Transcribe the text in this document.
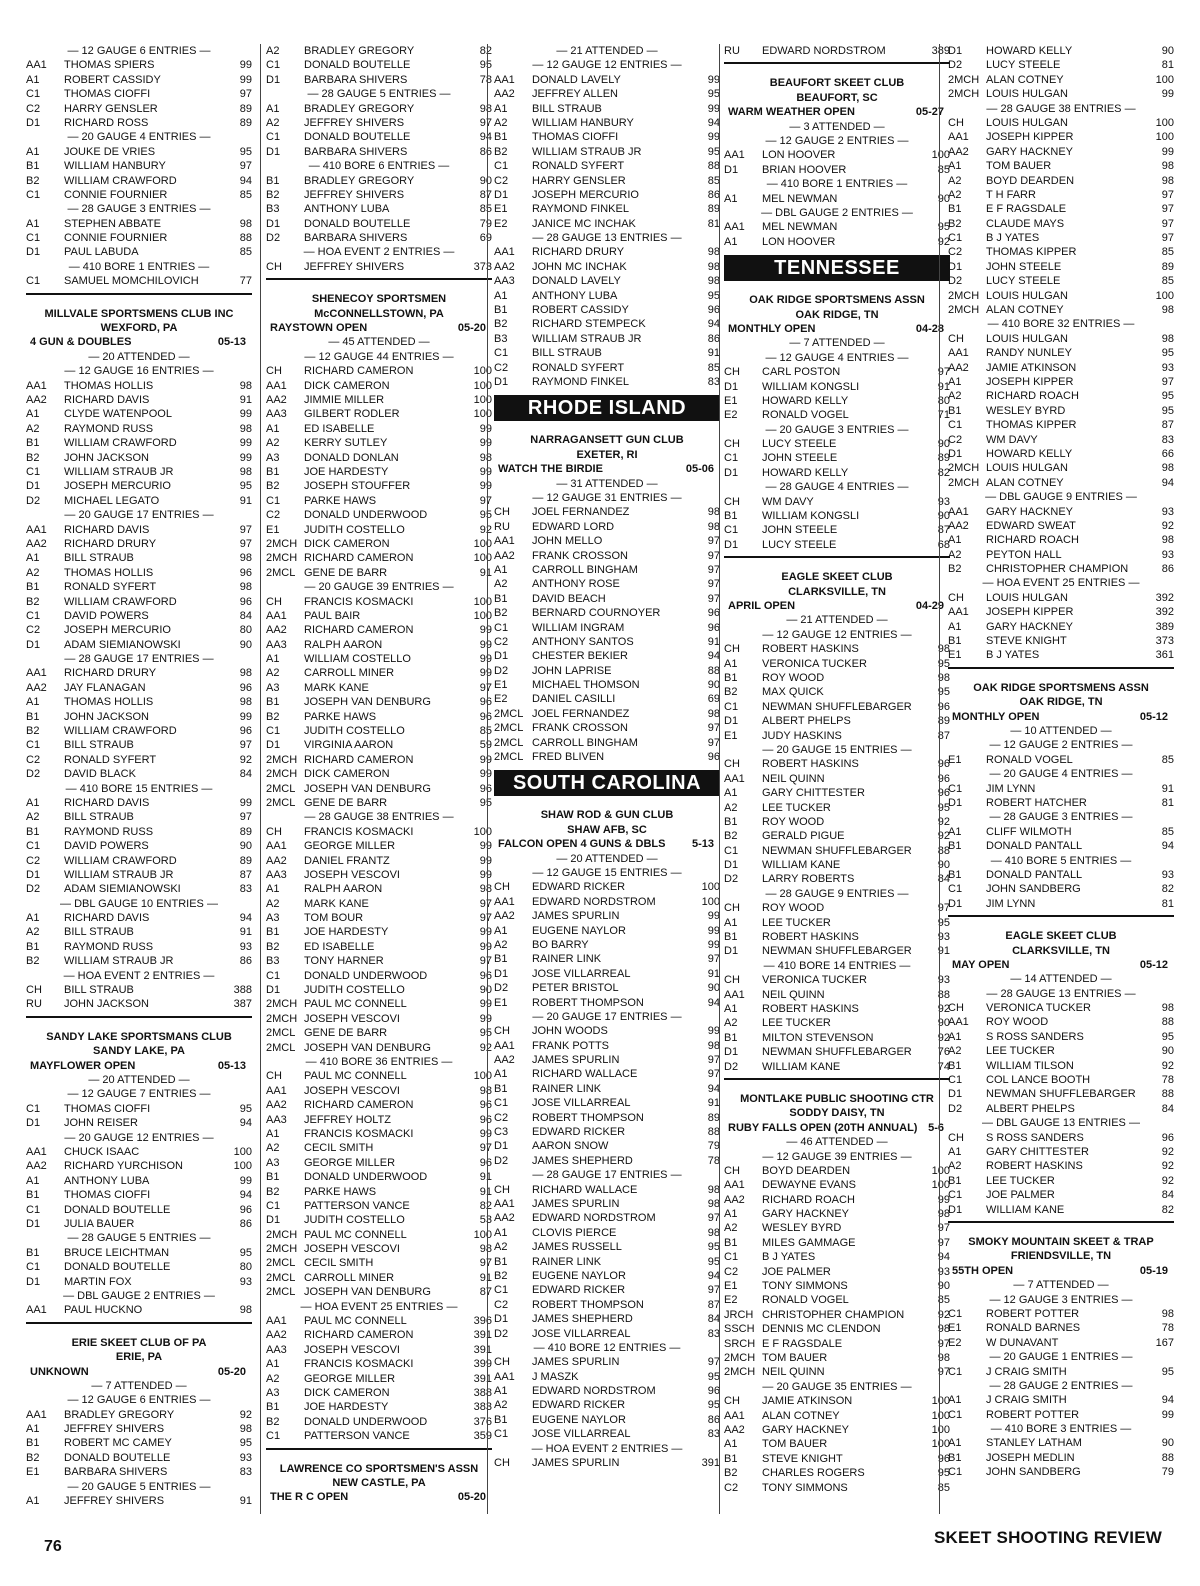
— 12 GAUGE 6 ENTRIES —
AA1	THOMAS SPIERS	99
A1	ROBERT CASSIDY	99
C1	THOMAS CIOFFI	97
C2	HARRY GENSLER	89
D1	RICHARD ROSS	89
— 20 GAUGE 4 ENTRIES —
A1	JOUKE DE VRIES	95
B1	WILLIAM HANBURY	97
B2	WILLIAM CRAWFORD	94
C1	CONNIE FOURNIER	85
— 28 GAUGE 3 ENTRIES —
A1	STEPHEN ABBATE	98
C1	CONNIE FOURNIER	88
D1	PAUL LABUDA	85
— 410 BORE 1 ENTRIES —
C1	SAMUEL MOMCHILOVICH	77
MILLVALE SPORTSMENS CLUB INC
WEXFORD, PA
4 GUN & DOUBLES	05-13
— 20 ATTENDED —
— 12 GAUGE 16 ENTRIES —
AA1	THOMAS HOLLIS	98
AA2	RICHARD DAVIS	91
A1	CLYDE WATENPOOL	99
A2	RAYMOND RUSS	98
B1	WILLIAM CRAWFORD	99
B2	JOHN JACKSON	99
C1	WILLIAM STRAUB JR	98
D1	JOSEPH MERCURIO	95
D2	MICHAEL LEGATO	91
— 20 GAUGE 17 ENTRIES —
AA1	RICHARD DAVIS	97
AA2	RICHARD DRURY	97
A1	BILL STRAUB	98
A2	THOMAS HOLLIS	96
B1	RONALD SYFERT	98
B2	WILLIAM CRAWFORD	96
C1	DAVID POWERS	84
C2	JOSEPH MERCURIO	80
D1	ADAM SIEMIANOWSKI	90
— 28 GAUGE 17 ENTRIES —
AA1	RICHARD DRURY	98
AA2	JAY FLANAGAN	96
A1	THOMAS HOLLIS	98
B1	JOHN JACKSON	99
B2	WILLIAM CRAWFORD	96
C1	BILL STRAUB	97
C2	RONALD SYFERT	92
D2	DAVID BLACK	84
— 410 BORE 15 ENTRIES —
A1	RICHARD DAVIS	99
A2	BILL STRAUB	97
B1	RAYMOND RUSS	89
C1	DAVID POWERS	90
C2	WILLIAM CRAWFORD	89
D1	WILLIAM STRAUB JR	87
D2	ADAM SIEMIANOWSKI	83
— DBL GAUGE 10 ENTRIES —
A1	RICHARD DAVIS	94
A2	BILL STRAUB	91
B1	RAYMOND RUSS	93
B2	WILLIAM STRAUB JR	86
— HOA EVENT 2 ENTRIES —
CH	BILL STRAUB	388
RU	JOHN JACKSON	387
SANDY LAKE SPORTSMANS CLUB
SANDY LAKE, PA
MAYFLOWER OPEN	05-13
— 20 ATTENDED —
— 12 GAUGE 7 ENTRIES —
C1	THOMAS CIOFFI	95
D1	JOHN REISER	94
— 20 GAUGE 12 ENTRIES —
AA1	CHUCK ISAAC	100
AA2	RICHARD YURCHISON	100
A1	ANTHONY LUBA	99
B1	THOMAS CIOFFI	94
C1	DONALD BOUTELLE	96
D1	JULIA BAUER	86
— 28 GAUGE 5 ENTRIES —
B1	BRUCE LEICHTMAN	95
C1	DONALD BOUTELLE	80
D1	MARTIN FOX	93
— DBL GAUGE 2 ENTRIES —
AA1	PAUL HUCKNO	98
ERIE SKEET CLUB OF PA
ERIE, PA
UNKNOWN	05-20
— 7 ATTENDED —
— 12 GAUGE 6 ENTRIES —
AA1	BRADLEY GREGORY	92
A1	JEFFREY SHIVERS	98
B1	ROBERT MC CAMEY	95
B2	DONALD BOUTELLE	93
E1	BARBARA SHIVERS	83
— 20 GAUGE 5 ENTRIES —
A1	JEFFREY SHIVERS	91
A2	BRADLEY GREGORY	82
C1	DONALD BOUTELLE	95
D1	BARBARA SHIVERS	78
— 28 GAUGE 5 ENTRIES —
A1	BRADLEY GREGORY	98
A2	JEFFREY SHIVERS	97
C1	DONALD BOUTELLE	94
D1	BARBARA SHIVERS	86
— 410 BORE 6 ENTRIES —
B1	BRADLEY GREGORY	90
B2	JEFFREY SHIVERS	87
B3	ANTHONY LUBA	85
D1	DONALD BOUTELLE	79
D2	BARBARA SHIVERS	69
— HOA EVENT 2 ENTRIES —
CH	JEFFREY SHIVERS	373
SHENECOY SPORTSMEN
McCONNELLSTOWN, PA
RAYSTOWN OPEN	05-20
— 45 ATTENDED —
— 12 GAUGE 44 ENTRIES —
CH	RICHARD CAMERON	100
AA1	DICK CAMERON	100
AA2	JIMMIE MILLER	100
AA3	GILBERT RODLER	100
A1	ED ISABELLE	99
A2	KERRY SUTLEY	99
A3	DONALD DONLAN	98
B1	JOE HARDESTY	99
B2	JOSEPH STOUFFER	99
C1	PARKE HAWS	97
C2	DONALD UNDERWOOD	95
E1	JUDITH COSTELLO	92
2MCH DICK CAMERON	100
2MCH RICHARD CAMERON	100
2MCL GENE DE BARR	91
— 20 GAUGE 39 ENTRIES —
CH	FRANCIS KOSMACKI	100
AA1	PAUL BAIR	100
AA2	RICHARD CAMERON	99
AA3	RALPH AARON	99
A1	WILLIAM COSTELLO	99
A2	CARROLL MINER	99
A3	MARK KANE	97
B1	JOSEPH VAN DENBURG	96
B2	PARKE HAWS	96
C1	JUDITH COSTELLO	85
D1	VIRGINIA AARON	59
2MCH RICHARD CAMERON	99
2MCH DICK CAMERON	99
2MCL JOSEPH VAN DENBURG	96
2MCL GENE DE BARR	95
— 28 GAUGE 38 ENTRIES —
CH	FRANCIS KOSMACKI	100
AA1	GEORGE MILLER	99
AA2	DANIEL FRANTZ	99
AA3	JOSEPH VESCOVI	99
A1	RALPH AARON	98
A2	MARK KANE	97
A3	TOM BOUR	97
B1	JOE HARDESTY	99
B2	ED ISABELLE	99
B3	TONY HARNER	97
C1	DONALD UNDERWOOD	96
D1	JUDITH COSTELLO	90
2MCH PAUL MC CONNELL	99
2MCH JOSEPH VESCOVI	99
2MCL GENE DE BARR	95
2MCL JOSEPH VAN DENBURG	92
— 410 BORE 36 ENTRIES —
CH	PAUL MC CONNELL	100
AA1	JOSEPH VESCOVI	98
AA2	RICHARD CAMERON	96
AA3	JEFFREY HOLTZ	96
A1	FRANCIS KOSMACKI	99
A2	CECIL SMITH	97
A3	GEORGE MILLER	96
B1	DONALD UNDERWOOD	91
B2	PARKE HAWS	91
C1	PATTERSON VANCE	82
D1	JUDITH COSTELLO	53
2MCH PAUL MC CONNELL	100
2MCH JOSEPH VESCOVI	98
2MCL CECIL SMITH	97
2MCL CARROLL MINER	91
2MCL JOSEPH VAN DENBURG	87
— HOA EVENT 25 ENTRIES —
AA1	PAUL MC CONNELL	396
AA2	RICHARD CAMERON	391
AA3	JOSEPH VESCOVI	391
A1	FRANCIS KOSMACKI	399
A2	GEORGE MILLER	391
A3	DICK CAMERON	388
B1	JOE HARDESTY	383
B2	DONALD UNDERWOOD	376
C1	PATTERSON VANCE	359
LAWRENCE CO SPORTSMEN'S ASSN
NEW CASTLE, PA
THE R C OPEN	05-20
— 21 ATTENDED —
— 12 GAUGE 12 ENTRIES —
AA1	DONALD LAVELY	99
AA2	JEFFREY ALLEN	95
A1	BILL STRAUB	99
A2	WILLIAM HANBURY	94
B1	THOMAS CIOFFI	99
B2	WILLIAM STRAUB JR	95
C1	RONALD SYFERT	88
C2	HARRY GENSLER	85
D1	JOSEPH MERCURIO	86
E1	RAYMOND FINKEL	89
E2	JANICE MC INCHAK	81
— 28 GAUGE 13 ENTRIES —
AA1	RICHARD DRURY	98
AA2	JOHN MC INCHAK	98
AA3	DONALD LAVELY	98
A1	ANTHONY LUBA	95
B1	ROBERT CASSIDY	96
B2	RICHARD STEMPECK	94
B3	WILLIAM STRAUB JR	86
C1	BILL STRAUB	91
C2	RONALD SYFERT	85
D1	RAYMOND FINKEL	83
RHODE ISLAND
NARRAGANSETT GUN CLUB
EXETER, RI
WATCH THE BIRDIE	05-06
— 31 ATTENDED —
— 12 GAUGE 31 ENTRIES —
CH	JOEL FERNANDEZ	98
RU	EDWARD LORD	98
AA1	JOHN MELLO	97
AA2	FRANK CROSSON	97
A1	CARROLL BINGHAM	97
A2	ANTHONY ROSE	97
B1	DAVID BEACH	97
B2	BERNARD COURNOYER	96
C1	WILLIAM INGRAM	96
C2	ANTHONY SANTOS	91
D1	CHESTER BEKIER	94
D2	JOHN LAPRISE	88
E1	MICHAEL THOMSON	90
E2	DANIEL CASILLI	69
2MCL JOEL FERNANDEZ	98
2MCL FRANK CROSSON	97
2MCL CARROLL BINGHAM	97
2MCL FRED BLIVEN	96
SOUTH CAROLINA
SHAW ROD & GUN CLUB
SHAW AFB, SC
FALCON OPEN 4 GUNS & DBLS 5-13
— 20 ATTENDED —
— 12 GAUGE 15 ENTRIES —
CH	EDWARD RICKER	100
AA1	EDWARD NORDSTROM	100
AA2	JAMES SPURLIN	99
A1	EUGENE NAYLOR	99
A2	BO BARRY	99
B1	RAINER LINK	97
D1	JOSE VILLARREAL	91
D2	PETER BRISTOL	90
E1	ROBERT THOMPSON	94
— 20 GAUGE 17 ENTRIES —
CH	JOHN WOODS	99
AA1	FRANK POTTS	98
AA2	JAMES SPURLIN	97
A1	RICHARD WALLACE	97
B1	RAINER LINK	94
C1	JOSE VILLARREAL	91
C2	ROBERT THOMPSON	89
C3	EDWARD RICKER	88
D1	AARON SNOW	79
D2	JAMES SHEPHERD	78
— 28 GAUGE 17 ENTRIES —
CH	RICHARD WALLACE	98
AA1	JAMES SPURLIN	98
AA2	EDWARD NORDSTROM	97
A1	CLOVIS PIERCE	98
A2	JAMES RUSSELL	95
B1	RAINER LINK	95
B2	EUGENE NAYLOR	94
C1	EDWARD RICKER	97
C2	ROBERT THOMPSON	87
D1	JAMES SHEPHERD	84
D2	JOSE VILLARREAL	83
— 410 BORE 12 ENTRIES —
CH	JAMES SPURLIN	97
AA1	J MASZK	95
A1	EDWARD NORDSTROM	96
A2	EDWARD RICKER	95
B1	EUGENE NAYLOR	86
C1	JOSE VILLARREAL	83
— HOA EVENT 2 ENTRIES —
CH	JAMES SPURLIN	391
RU	EDWARD NORDSTROM	389
BEAUFORT SKEET CLUB
BEAUFORT, SC
WARM WEATHER OPEN	05-27
— 3 ATTENDED —
— 12 GAUGE 2 ENTRIES —
AA1	LON HOOVER	100
D1	BRIAN HOOVER	85
— 410 BORE 1 ENTRIES —
A1	MEL NEWMAN	90
— DBL GAUGE 2 ENTRIES —
AA1	MEL NEWMAN	95
A1	LON HOOVER	92
TENNESSEE
OAK RIDGE SPORTSMENS ASSN
OAK RIDGE, TN
MONTHLY OPEN	04-28
— 7 ATTENDED —
— 12 GAUGE 4 ENTRIES —
CH	CARL POSTON	97
D1	WILLIAM KONGSLI	91
E1	HOWARD KELLY	80
E2	RONALD VOGEL	71
— 20 GAUGE 3 ENTRIES —
CH	LUCY STEELE	90
C1	JOHN STEELE	89
D1	HOWARD KELLY	82
— 28 GAUGE 4 ENTRIES —
CH	WM DAVY	93
B1	WILLIAM KONGSLI	90
C1	JOHN STEELE	87
D1	LUCY STEELE	68
EAGLE SKEET CLUB
CLARKSVILLE, TN
APRIL OPEN	04-29
— 21 ATTENDED —
— 12 GAUGE 12 ENTRIES —
CH	ROBERT HASKINS	98
A1	VERONICA TUCKER	95
B1	ROY WOOD	98
B2	MAX QUICK	95
C1	NEWMAN SHUFFLEBARGER	96
D1	ALBERT PHELPS	89
E1	JUDY HASKINS	87
— 20 GAUGE 15 ENTRIES —
CH	ROBERT HASKINS	96
AA1	NEIL QUINN	96
A1	GARY CHITTESTER	96
A2	LEE TUCKER	95
B1	ROY WOOD	92
B2	GERALD PIGUE	92
C1	NEWMAN SHUFFLEBARGER	88
D1	WILLIAM KANE	90
D2	LARRY ROBERTS	84
— 28 GAUGE 9 ENTRIES —
CH	ROY WOOD	97
A1	LEE TUCKER	95
B1	ROBERT HASKINS	93
D1	NEWMAN SHUFFLEBARGER	91
— 410 BORE 14 ENTRIES —
CH	VERONICA TUCKER	93
AA1	NEIL QUINN	88
A1	ROBERT HASKINS	92
A2	LEE TUCKER	90
B1	MILTON STEVENSON	92
D1	NEWMAN SHUFFLEBARGER	76
D2	WILLIAM KANE	74
MONTLAKE PUBLIC SHOOTING CTR
SODDY DAISY, TN
RUBY FALLS OPEN (20TH ANNUAL) 5-6
— 46 ATTENDED —
— 12 GAUGE 39 ENTRIES —
CH	BOYD DEARDEN	100
AA1	DEWAYNE EVANS	100
AA2	RICHARD ROACH	99
A1	GARY HACKNEY	98
A2	WESLEY BYRD	97
B1	MILES GAMMAGE	97
C1	B J YATES	94
C2	JOE PALMER	93
E1	TONY SIMMONS	90
E2	RONALD VOGEL	85
JRCH CHRISTOPHER CHAMPION	92
SSCH DENNIS MC CLENDON	98
SRCH E F RAGSDALE	97
2MCH TOM BAUER	98
2MCH NEIL QUINN	97
— 20 GAUGE 35 ENTRIES —
CH	JAMIE ATKINSON	100
AA1	ALAN COTNEY	100
AA2	GARY HACKNEY	100
A1	TOM BAUER	100
B1	STEVE KNIGHT	96
B2	CHARLES ROGERS	95
C2	TONY SIMMONS	85
D1	HOWARD KELLY	90
D2	LUCY STEELE	81
2MCH ALAN COTNEY	100
2MCH LOUIS HULGAN	99
— 28 GAUGE 38 ENTRIES —
CH	LOUIS HULGAN	100
AA1	JOSEPH KIPPER	100
AA2	GARY HACKNEY	99
A1	TOM BAUER	98
A2	BOYD DEARDEN	98
A2	T H FARR	97
B1	E F RAGSDALE	97
B2	CLAUDE MAYS	97
C1	B J YATES	97
C2	THOMAS KIPPER	85
D1	JOHN STEELE	89
D2	LUCY STEELE	85
2MCH LOUIS HULGAN	100
2MCH ALAN COTNEY	98
— 410 BORE 32 ENTRIES —
CH	LOUIS HULGAN	98
AA1	RANDY NUNLEY	95
AA2	JAMIE ATKINSON	93
A1	JOSEPH KIPPER	97
A2	RICHARD ROACH	95
B1	WESLEY BYRD	95
C1	THOMAS KIPPER	87
C2	WM DAVY	83
D1	HOWARD KELLY	66
2MCH LOUIS HULGAN	98
2MCH ALAN COTNEY	94
— DBL GAUGE 9 ENTRIES —
AA1	GARY HACKNEY	93
AA2	EDWARD SWEAT	92
A1	RICHARD ROACH	98
A2	PEYTON HALL	93
B2	CHRISTOPHER CHAMPION	86
— HOA EVENT 25 ENTRIES —
CH	LOUIS HULGAN	392
AA1	JOSEPH KIPPER	392
A1	GARY HACKNEY	389
B1	STEVE KNIGHT	373
E1	B J YATES	361
OAK RIDGE SPORTSMENS ASSN
OAK RIDGE, TN
MONTHLY OPEN	05-12
— 10 ATTENDED —
— 12 GAUGE 2 ENTRIES —
E1	RONALD VOGEL	85
— 20 GAUGE 4 ENTRIES —
C1	JIM LYNN	91
D1	ROBERT HATCHER	81
— 28 GAUGE 3 ENTRIES —
A1	CLIFF WILMOTH	85
B1	DONALD PANTALL	94
— 410 BORE 5 ENTRIES —
B1	DONALD PANTALL	93
C1	JOHN SANDBERG	82
D1	JIM LYNN	81
EAGLE SKEET CLUB
CLARKSVILLE, TN
MAY OPEN	05-12
— 14 ATTENDED —
— 28 GAUGE 13 ENTRIES —
CH	VERONICA TUCKER	98
AA1	ROY WOOD	88
A1	S ROSS SANDERS	95
A2	LEE TUCKER	90
B1	WILLIAM TILSON	92
C1	COL LANCE BOOTH	78
D1	NEWMAN SHUFFLEBARGER	88
D2	ALBERT PHELPS	84
— DBL GAUGE 13 ENTRIES —
CH	S ROSS SANDERS	96
A1	GARY CHITTESTER	92
A2	ROBERT HASKINS	92
B1	LEE TUCKER	92
C1	JOE PALMER	84
D1	WILLIAM KANE	82
SMOKY MOUNTAIN SKEET & TRAP
FRIENDSVILLE, TN
55TH OPEN	05-19
— 7 ATTENDED —
— 12 GAUGE 3 ENTRIES —
C1	ROBERT POTTER	98
E1	RONALD BARNES	78
E2	W DUNAVANT	167
— 20 GAUGE 1 ENTRIES —
C1	J CRAIG SMITH	95
— 28 GAUGE 2 ENTRIES —
A1	J CRAIG SMITH	94
C1	ROBERT POTTER	99
— 410 BORE 3 ENTRIES —
A1	STANLEY LATHAM	90
B1	JOSEPH MEDLIN	88
C1	JOHN SANDBERG	79
76	SKEET SHOOTING REVIEW
